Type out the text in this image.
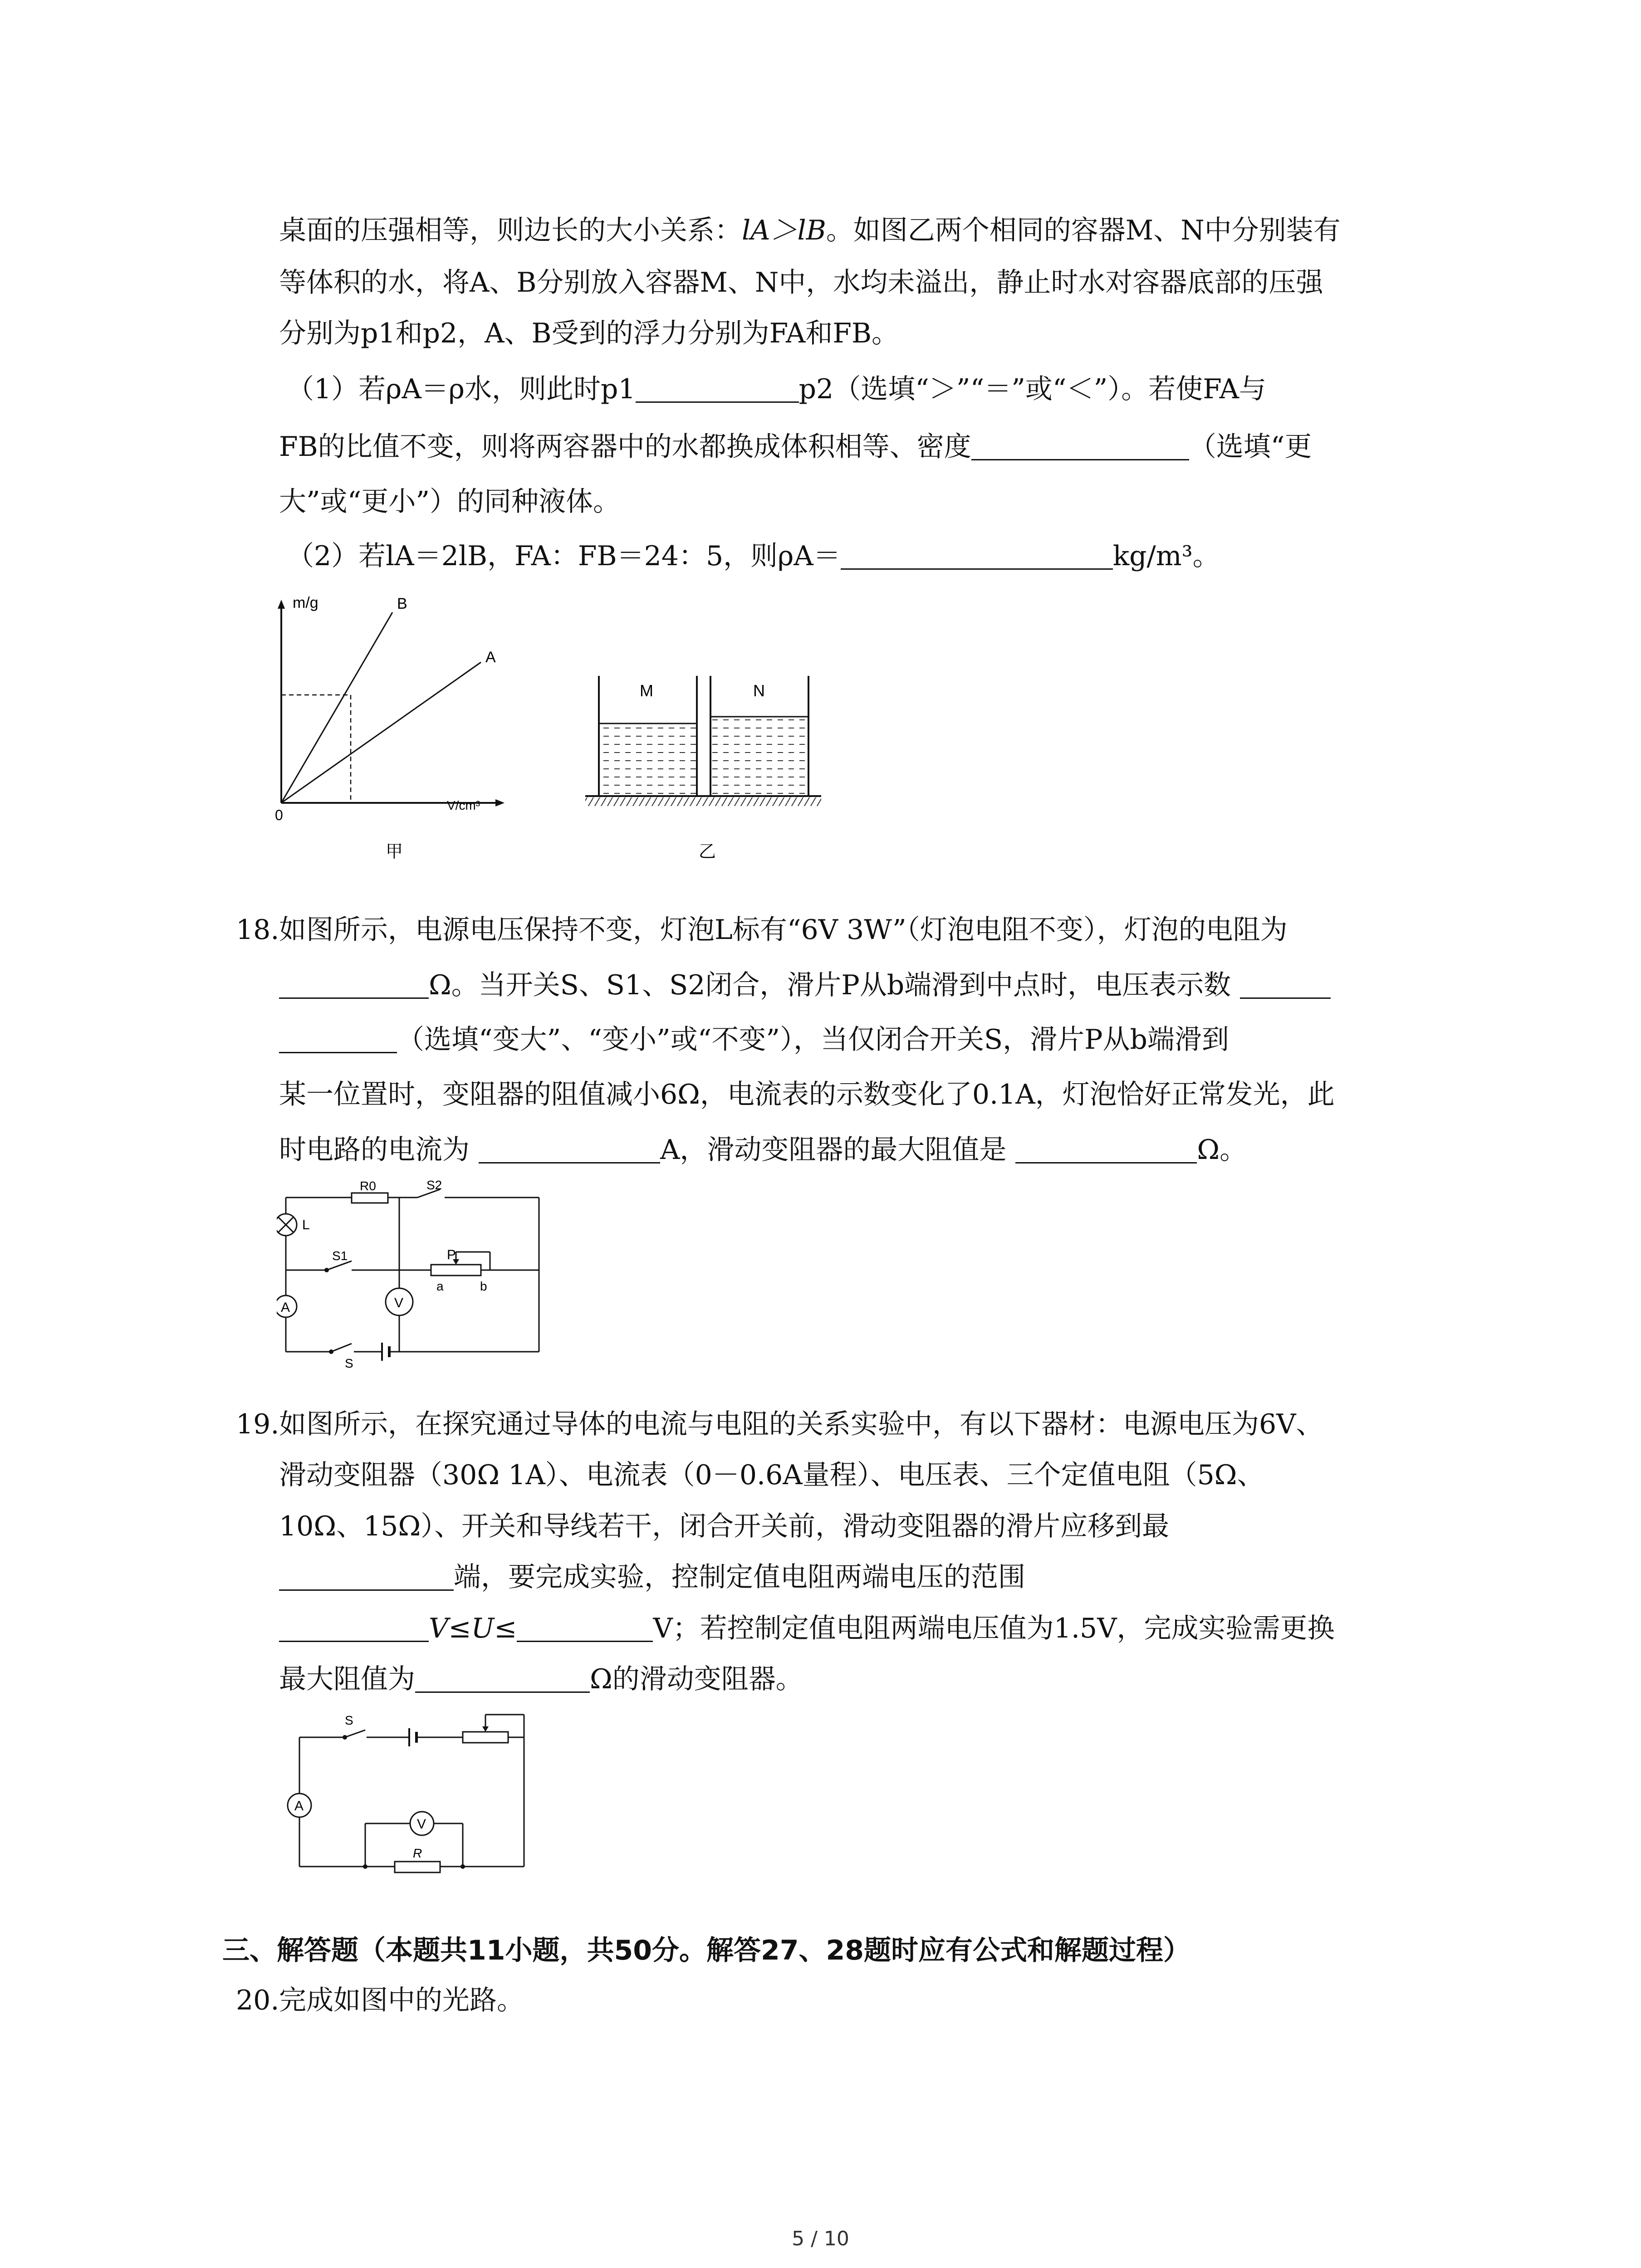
桌面的压强相等，则边长的大小关系：lA＞lB。如图乙两个相同的容器M、N中分别装有
等体积的水，将A、B分别放入容器M、N中，水均未溢出，静止时水对容器底部的压强
分别为p1和p2，A、B受到的浮力分别为FA和FB。
（1）若ρA＝ρ水，则此时p1	p2（选填“＞”“＝”或“＜”）。若使FA与
FB的比值不变，则将两容器中的水都换成体积相等、密度	（选填“更
大”或“更小”）的同种液体。
（2）若lA＝2lB，FA：FB＝24：5，则ρA＝	kg/m³。
m/g	B
A
0
V/cm³
甲
M	N
乙
18. 如图所示，电源电压保持不变，灯泡L标有“6V 3W”（灯泡电阻不变），灯泡的电阻为
Ω。当开关S、S1、S2闭合，滑片P从b端滑到中点时，电压表示数
（选填“变大”、“变小”或“不变”），当仅闭合开关S，滑片P从b端滑到
某一位置时，变阻器的阻值减小6Ω，电流表的示数变化了0.1A，灯泡恰好正常发光，此
时电路的电流为	A，滑动变阻器的最大阻值是	Ω。
R0	S2
L
S1	P
a	b
A	V
S
19. 如图所示，在探究通过导体的电流与电阻的关系实验中，有以下器材：电源电压为6V、
滑动变阻器（30Ω 1A）、电流表（0－0.6A量程）、电压表、三个定值电阻（5Ω、
10Ω、15Ω）、开关和导线若干，闭合开关前，滑动变阻器的滑片应移到最
端，要完成实验，控制定值电阻两端电压的范围
V≤U≤	V；若控制定值电阻两端电压值为1.5V，完成实验需更换
最大阻值为	Ω的滑动变阻器。
S
A
V
R
三、解答题（本题共11小题，共50分。解答27、28题时应有公式和解题过程）
20. 完成如图中的光路。
5 / 10
